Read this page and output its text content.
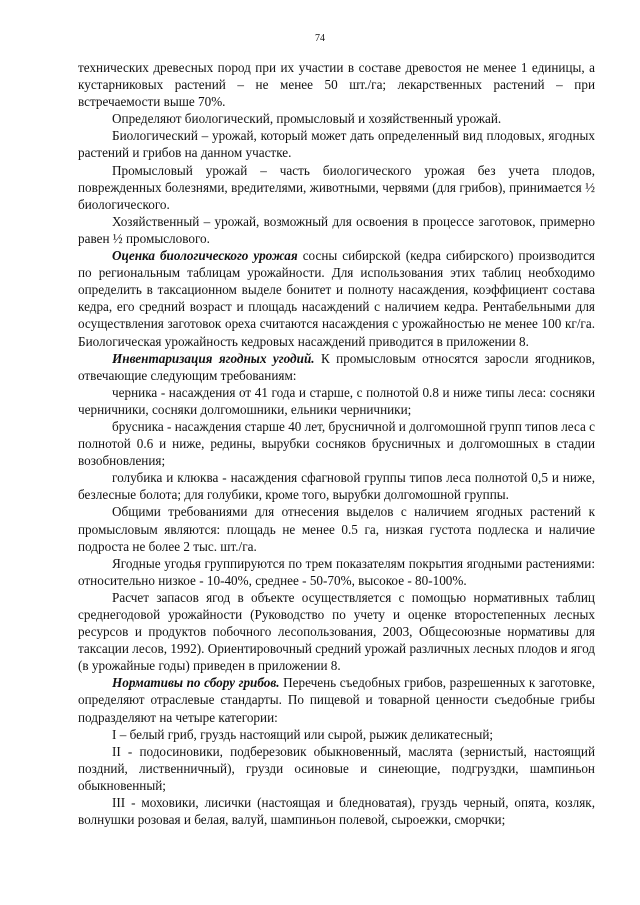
74

технических древесных пород при их участии в составе древостоя не менее 1 единицы, а кустарниковых растений – не менее 50 шт./га; лекарственных растений – при встречаемости выше 70%.

Определяют биологический, промысловый и хозяйственный урожай.

Биологический – урожай, который может дать определенный вид плодовых, ягодных растений и грибов на данном участке.

Промысловый урожай – часть биологического урожая без учета плодов, поврежденных болезнями, вредителями, животными, червями (для грибов), принимается ½ биологического.

Хозяйственный – урожай, возможный для освоения в процессе заготовок, примерно равен ½ промыслового.

Оценка биологического урожая сосны сибирской (кедра сибирского) производится по региональным таблицам урожайности. Для использования этих таблиц необходимо определить в таксационном выделе бонитет и полноту насаждения, коэффициент состава кедра, его средний возраст и площадь насаждений с наличием кедра. Рентабельными для осуществления заготовок ореха считаются насаждения с урожайностью не менее 100 кг/га. Биологическая урожайность кедровых насаждений приводится в приложении 8.

Инвентаризация ягодных угодий. К промысловым относятся заросли ягодников, отвечающие следующим требованиям:

черника - насаждения от 41 года и старше, с полнотой 0.8 и ниже типы леса: сосняки черничники, сосняки долгомошники, ельники черничники;

брусника - насаждения старше 40 лет, брусничной и долгомошной групп типов леса с полнотой 0.6 и ниже, редины, вырубки сосняков брусничных и долгомошных в стадии возобновления;

голубика и клюква - насаждения сфагновой группы типов леса полнотой 0,5 и ниже, безлесные болота; для голубики, кроме того, вырубки долгомошной группы.

Общими требованиями для отнесения выделов с наличием ягодных растений к промысловым являются: площадь не менее 0.5 га, низкая густота подлеска и наличие подроста не более 2 тыс. шт./га.

Ягодные угодья группируются по трем показателям покрытия ягодными растениями: относительно низкое - 10-40%, среднее - 50-70%, высокое - 80-100%.

Расчет запасов ягод в объекте осуществляется с помощью нормативных таблиц среднегодовой урожайности (Руководство по учету и оценке второстепенных лесных ресурсов и продуктов побочного лесопользования, 2003, Общесоюзные нормативы для таксации лесов, 1992). Ориентировочный средний урожай различных лесных плодов и ягод (в урожайные годы) приведен в приложении 8.

Нормативы по сбору грибов. Перечень съедобных грибов, разрешенных к заготовке, определяют отраслевые стандарты. По пищевой и товарной ценности съедобные грибы подразделяют на четыре категории:

I – белый гриб, груздь настоящий или сырой, рыжик деликатесный;

II - подосиновики, подберезовик обыкновенный, маслята (зернистый, настоящий поздний, лиственничный), грузди осиновые и синеющие, подгруздки, шампиньон обыкновенный;

III - моховики, лисички (настоящая и бледноватая), груздь черный, опята, козляк, волнушки розовая и белая, валуй, шампиньон полевой, сыроежки, сморчки;
